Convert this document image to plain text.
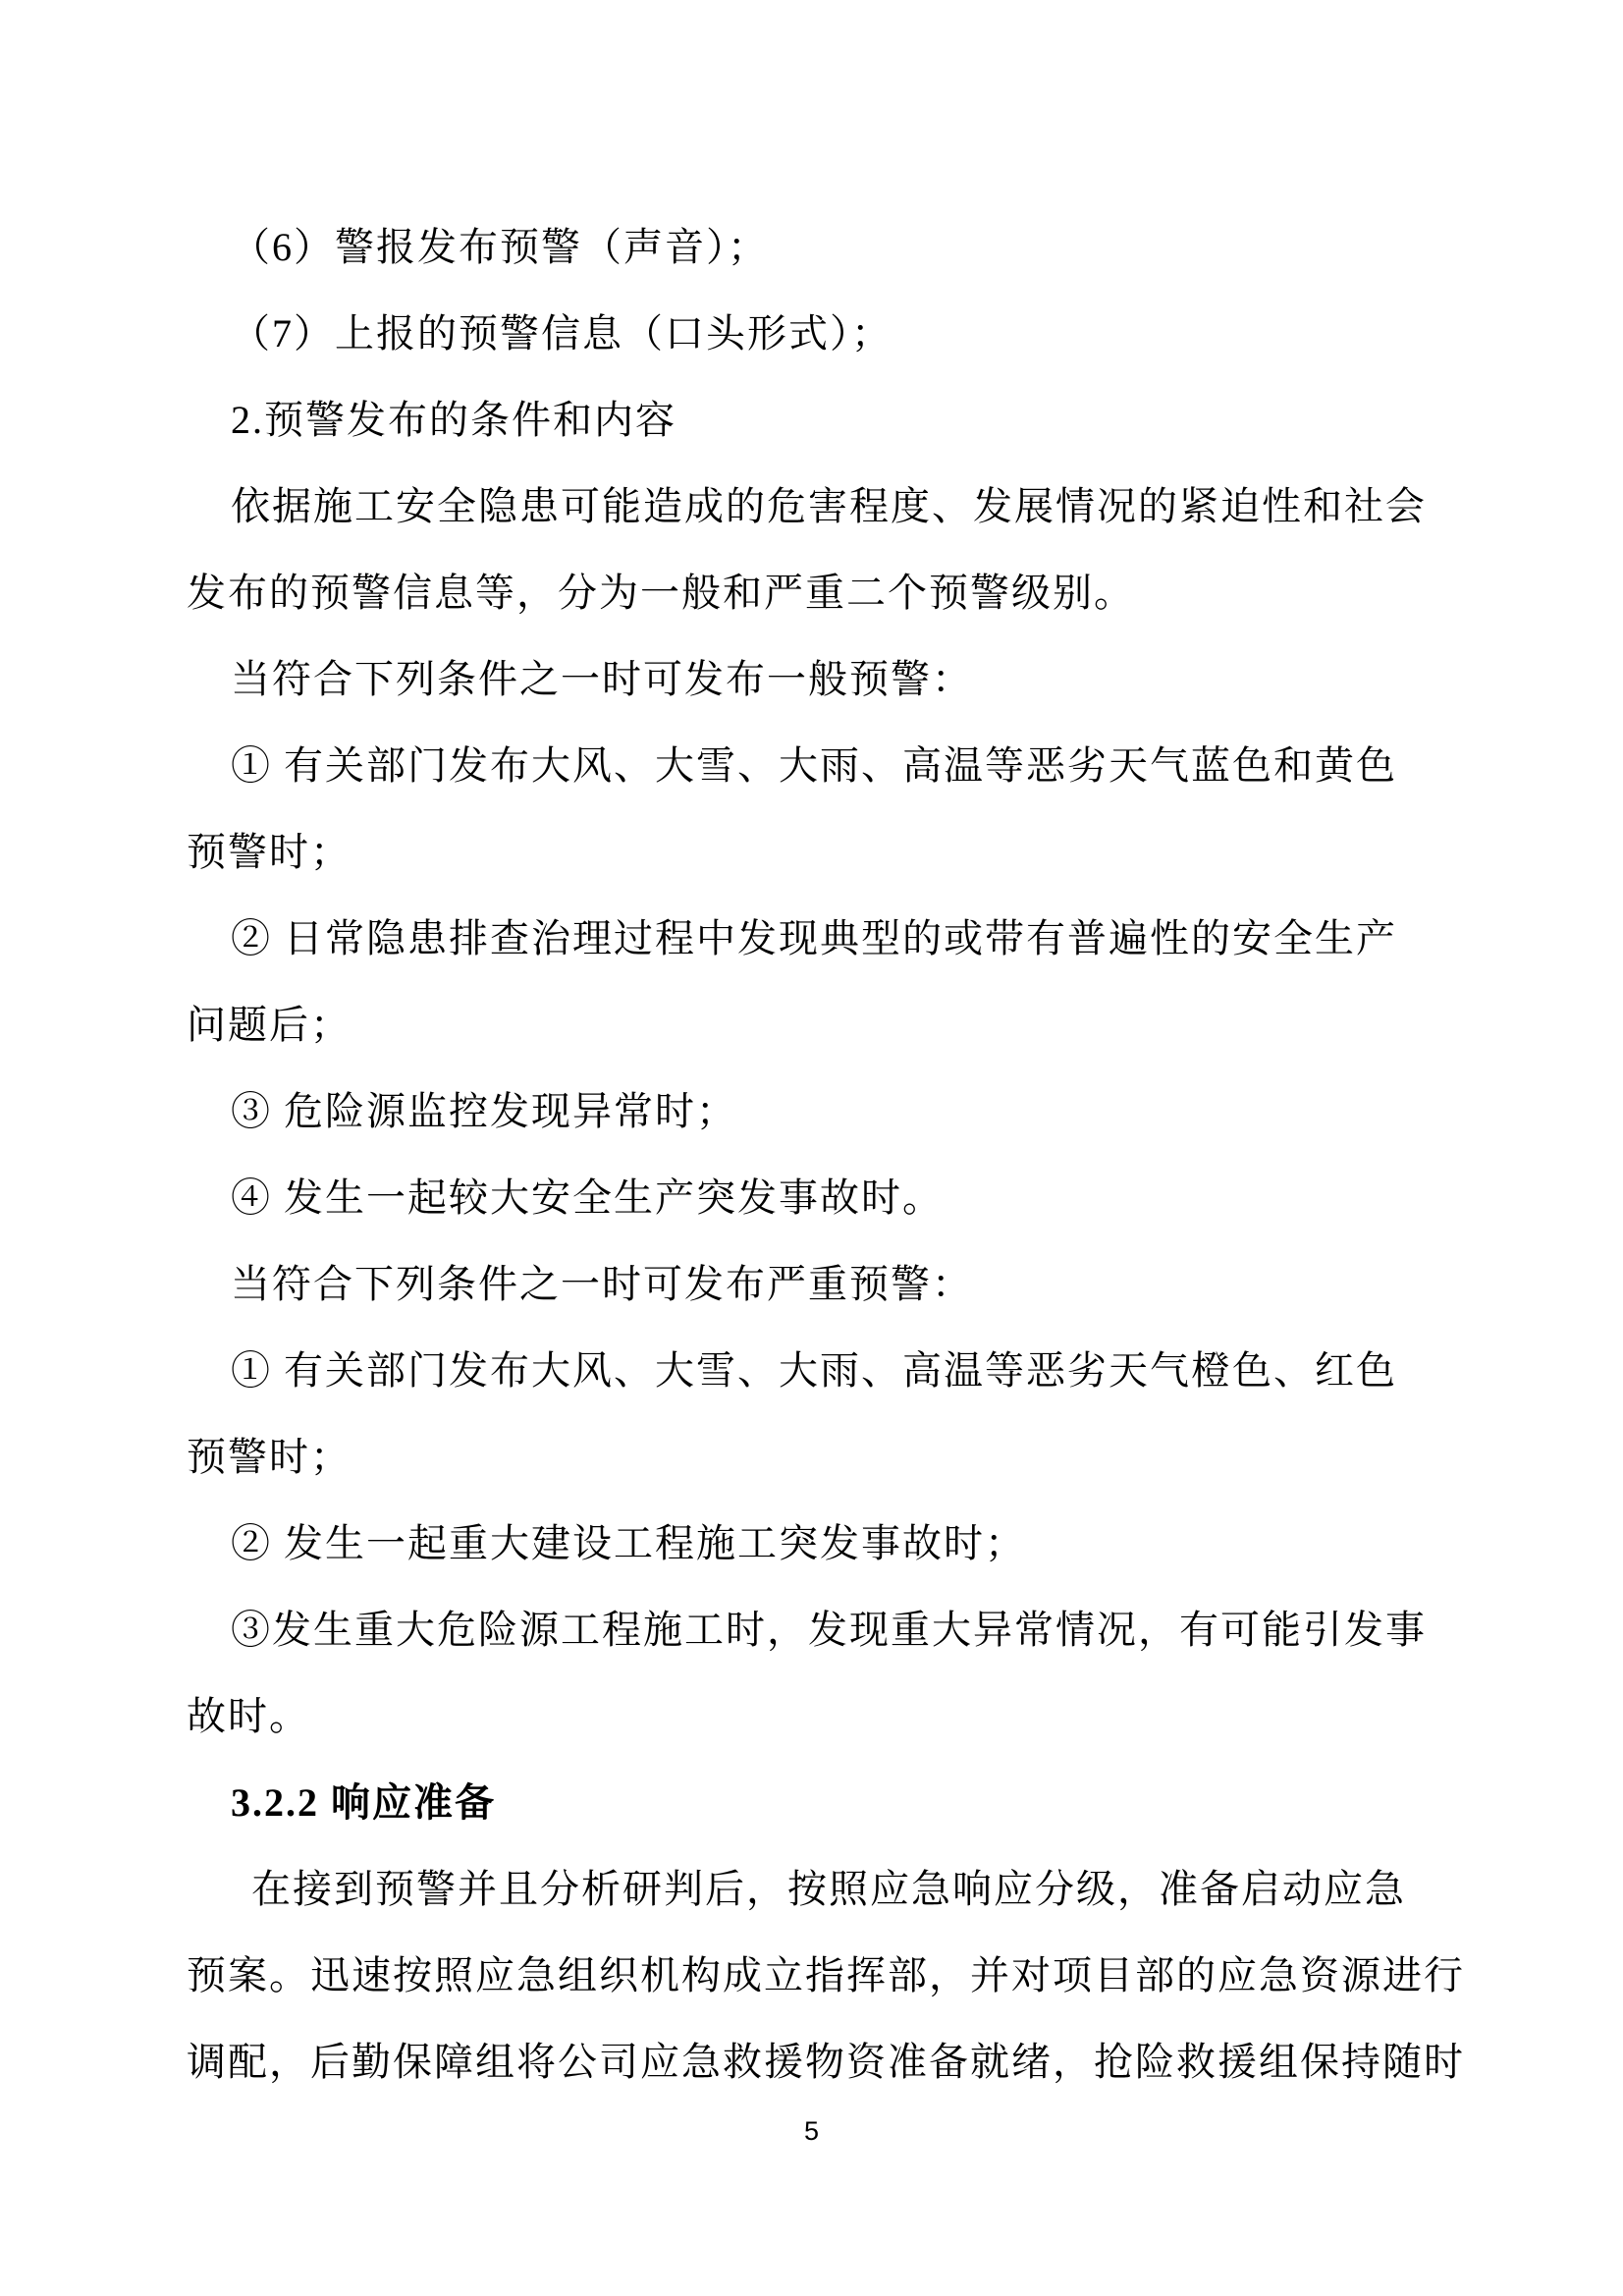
（6）警报发布预警（声音）；
（7）上报的预警信息（口头形式）；
2.预警发布的条件和内容
依据施工安全隐患可能造成的危害程度、发展情况的紧迫性和社会
发布的预警信息等，分为一般和严重二个预警级别。
当符合下列条件之一时可发布一般预警：
① 有关部门发布大风、大雪、大雨、高温等恶劣天气蓝色和黄色
预警时；
② 日常隐患排查治理过程中发现典型的或带有普遍性的安全生产
问题后；
③ 危险源监控发现异常时；
④ 发生一起较大安全生产突发事故时。
当符合下列条件之一时可发布严重预警：
① 有关部门发布大风、大雪、大雨、高温等恶劣天气橙色、红色
预警时；
② 发生一起重大建设工程施工突发事故时；
③发生重大危险源工程施工时，发现重大异常情况，有可能引发事
故时。
3.2.2 响应准备
在接到预警并且分析研判后，按照应急响应分级，准备启动应急
预案。迅速按照应急组织机构成立指挥部，并对项目部的应急资源进行
调配，后勤保障组将公司应急救援物资准备就绪，抢险救援组保持随时
5
